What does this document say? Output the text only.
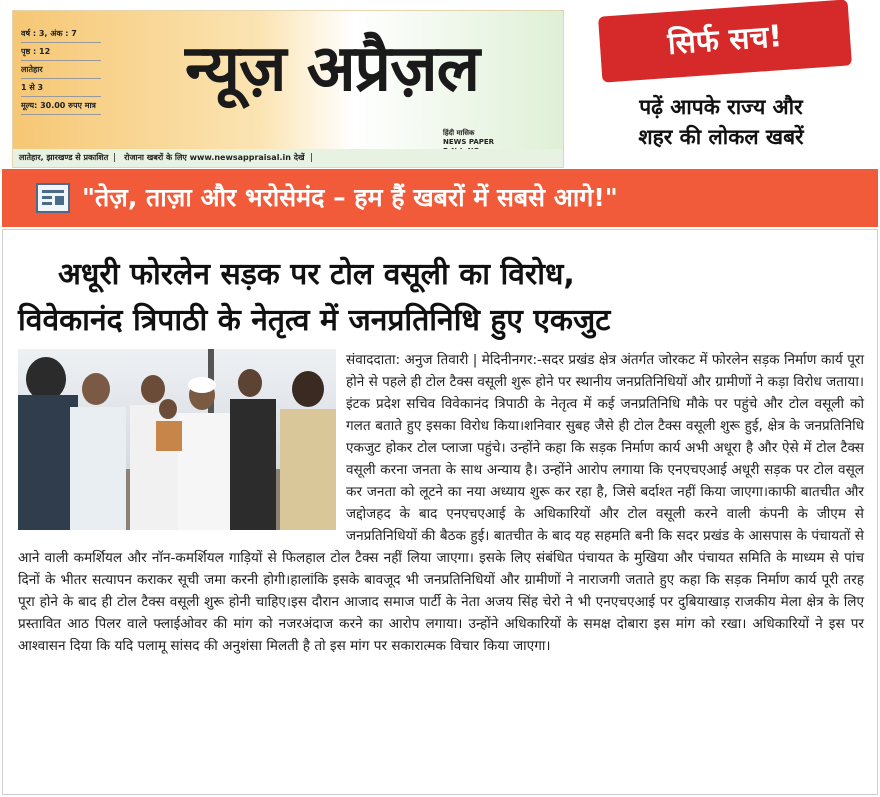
वर्ष : 3, अंक : 7
पृष्ठ : 12
लातेहार
1 से 3
मूल्य: 30.00 रुपए मात्र	न्यूज़ अप्रैज़ल
हिंदी मासिक
NEWS PAPER
लातेहार, झारखण्ड से प्रकाशित रोजाना खबरों के लिए www.newsappraisal.in देखें
सिर्फ सच!
पढ़ें आपके राज्य और
शहर की लोकल खबरें
"तेज़, ताज़ा और भरोसेमंद – हम हैं खबरों में सबसे आगे!"
अधूरी फोरलेन सड़क पर टोल वसूली का विरोध,
विवेकानंद त्रिपाठी के नेतृत्व में जनप्रतिनिधि हुए एकजुट
संवाददाता: अनुज तिवारी | मेदिनीनगर:-सदर प्रखंड क्षेत्र अंतर्गत जोरकट में फोरलेन सड़क निर्माण कार्य पूरा होने से पहले ही टोल टैक्स वसूली शुरू होने पर स्थानीय जनप्रतिनिधियों और ग्रामीणों ने कड़ा विरोध जताया। इंटक प्रदेश सचिव विवेकानंद त्रिपाठी के नेतृत्व में कई जनप्रतिनिधि मौके पर पहुंचे और टोल वसूली को गलत बताते हुए इसका विरोध किया।शनिवार सुबह जैसे ही टोल टैक्स वसूली शुरू हुई, क्षेत्र के जनप्रतिनिधि एकजुट होकर टोल प्लाजा पहुंचे। उन्होंने कहा कि सड़क निर्माण कार्य अभी अधूरा है और ऐसे में टोल टैक्स वसूली करना जनता के साथ अन्याय है। उन्होंने आरोप लगाया कि एनएचएआई अधूरी सड़क पर टोल वसूल कर जनता को लूटने का नया अध्याय शुरू कर रहा है, जिसे बर्दाश्त नहीं किया जाएगा।काफी बातचीत और जद्दोजहद के बाद एनएचएआई के अधिकारियों और टोल वसूली करने वाली कंपनी के जीएम से जनप्रतिनिधियों की बैठक हुई। बातचीत के बाद यह सहमति बनी कि सदर प्रखंड के आसपास के पंचायतों से आने वाली कमर्शियल और नॉन-कमर्शियल गाड़ियों से फिलहाल टोल टैक्स नहीं लिया जाएगा। इसके लिए संबंधित पंचायत के मुखिया और पंचायत समिति के माध्यम से पांच दिनों के भीतर सत्यापन कराकर सूची जमा करनी होगी।हालांकि इसके बावजूद भी जनप्रतिनिधियों और ग्रामीणों ने नाराजगी जताते हुए कहा कि सड़क निर्माण कार्य पूरी तरह पूरा होने के बाद ही टोल टैक्स वसूली शुरू होनी चाहिए।इस दौरान आजाद समाज पार्टी के नेता अजय सिंह चेरो ने भी एनएचएआई पर दुबियाखाड़ राजकीय मेला क्षेत्र के लिए प्रस्तावित आठ पिलर वाले फ्लाईओवर की मांग को नजरअंदाज करने का आरोप लगाया। उन्होंने अधिकारियों के समक्ष दोबारा इस मांग को रखा। अधिकारियों ने इस पर आश्वासन दिया कि यदि पलामू सांसद की अनुशंसा मिलती है तो इस मांग पर सकारात्मक विचार किया जाएगा।
